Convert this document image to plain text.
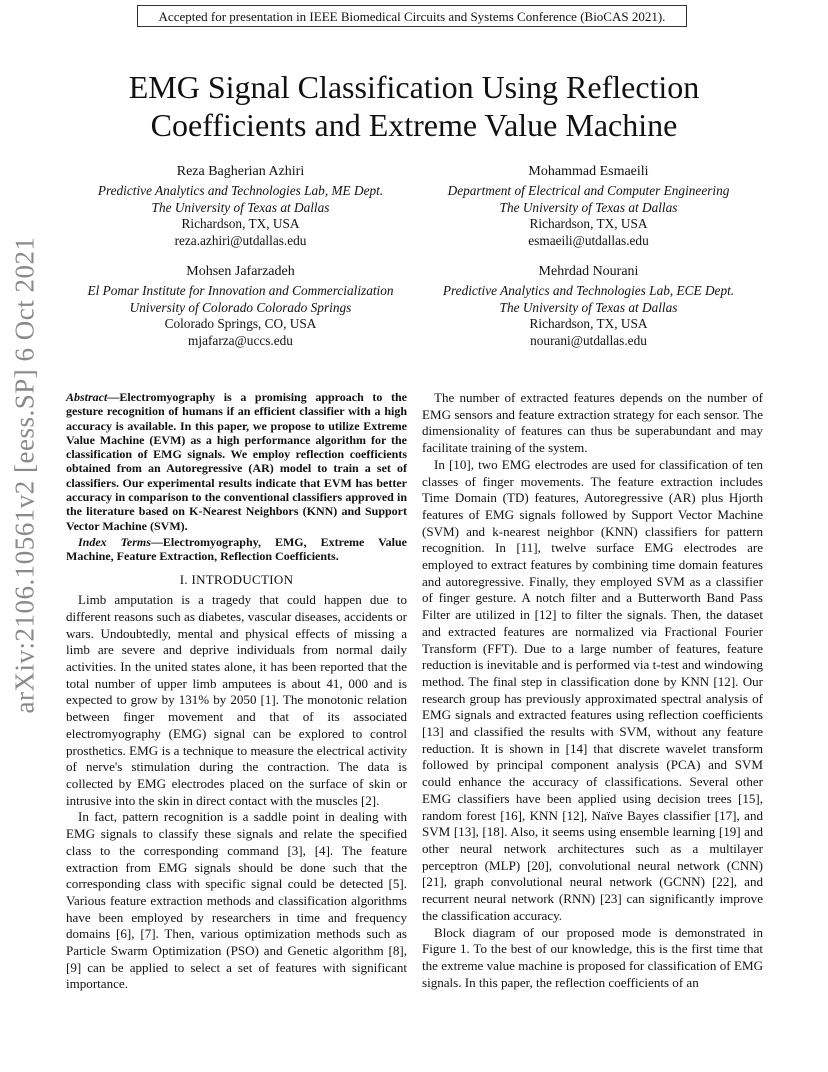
Accepted for presentation in IEEE Biomedical Circuits and Systems Conference (BioCAS 2021).
arXiv:2106.10561v2 [eess.SP] 6 Oct 2021
EMG Signal Classification Using Reflection Coefficients and Extreme Value Machine
Reza Bagherian Azhiri
Predictive Analytics and Technologies Lab, ME Dept.
The University of Texas at Dallas
Richardson, TX, USA
reza.azhiri@utdallas.edu
Mohammad Esmaeili
Department of Electrical and Computer Engineering
The University of Texas at Dallas
Richardson, TX, USA
esmaeili@utdallas.edu
Mohsen Jafarzadeh
El Pomar Institute for Innovation and Commercialization
University of Colorado Colorado Springs
Colorado Springs, CO, USA
mjafarza@uccs.edu
Mehrdad Nourani
Predictive Analytics and Technologies Lab, ECE Dept.
The University of Texas at Dallas
Richardson, TX, USA
nourani@utdallas.edu

Abstract—Electromyography is a promising approach to the gesture recognition of humans if an efficient classifier with a high accuracy is available. In this paper, we propose to utilize Extreme Value Machine (EVM) as a high performance algorithm for the classification of EMG signals. We employ reflection coefficients obtained from an Autoregressive (AR) model to train a set of classifiers. Our experimental results indicate that EVM has better accuracy in comparison to the conventional classifiers approved in the literature based on K-Nearest Neighbors (KNN) and Support Vector Machine (SVM).

Index Terms—Electromyography, EMG, Extreme Value Machine, Feature Extraction, Reflection Coefficients.

I. INTRODUCTION

Limb amputation is a tragedy that could happen due to different reasons such as diabetes, vascular diseases, accidents or wars. Undoubtedly, mental and physical effects of missing a limb are severe and deprive individuals from normal daily activities. In the united states alone, it has been reported that the total number of upper limb amputees is about 41, 000 and is expected to grow by 131% by 2050 [1]. The monotonic relation between finger movement and that of its associated electromyography (EMG) signal can be explored to control prosthetics. EMG is a technique to measure the electrical activity of nerve's stimulation during the contraction. The data is collected by EMG electrodes placed on the surface of skin or intrusive into the skin in direct contact with the muscles [2].

In fact, pattern recognition is a saddle point in dealing with EMG signals to classify these signals and relate the specified class to the corresponding command [3], [4]. The feature extraction from EMG signals should be done such that the corresponding class with specific signal could be detected [5]. Various feature extraction methods and classification algorithms have been employed by researchers in time and frequency domains [6], [7]. Then, various optimization methods such as Particle Swarm Optimization (PSO) and Genetic algorithm [8], [9] can be applied to select a set of features with significant importance.

The number of extracted features depends on the number of EMG sensors and feature extraction strategy for each sensor. The dimensionality of features can thus be superabundant and may facilitate training of the system.

In [10], two EMG electrodes are used for classification of ten classes of finger movements. The feature extraction includes Time Domain (TD) features, Autoregressive (AR) plus Hjorth features of EMG signals followed by Support Vector Machine (SVM) and k-nearest neighbor (KNN) classifiers for pattern recognition. In [11], twelve surface EMG electrodes are employed to extract features by combining time domain features and autoregressive. Finally, they employed SVM as a classifier of finger gesture. A notch filter and a Butterworth Band Pass Filter are utilized in [12] to filter the signals. Then, the dataset and extracted features are normalized via Fractional Fourier Transform (FFT). Due to a large number of features, feature reduction is inevitable and is performed via t-test and windowing method. The final step in classification done by KNN [12]. Our research group has previously approximated spectral analysis of EMG signals and extracted features using reflection coefficients [13] and classified the results with SVM, without any feature reduction. It is shown in [14] that discrete wavelet transform followed by principal component analysis (PCA) and SVM could enhance the accuracy of classifications. Several other EMG classifiers have been applied using decision trees [15], random forest [16], KNN [12], Naïve Bayes classifier [17], and SVM [13], [18]. Also, it seems using ensemble learning [19] and other neural network architectures such as a multilayer perceptron (MLP) [20], convolutional neural network (CNN) [21], graph convolutional neural network (GCNN) [22], and recurrent neural network (RNN) [23] can significantly improve the classification accuracy.

Block diagram of our proposed mode is demonstrated in Figure 1. To the best of our knowledge, this is the first time that the extreme value machine is proposed for classification of EMG signals. In this paper, the reflection coefficients of an
